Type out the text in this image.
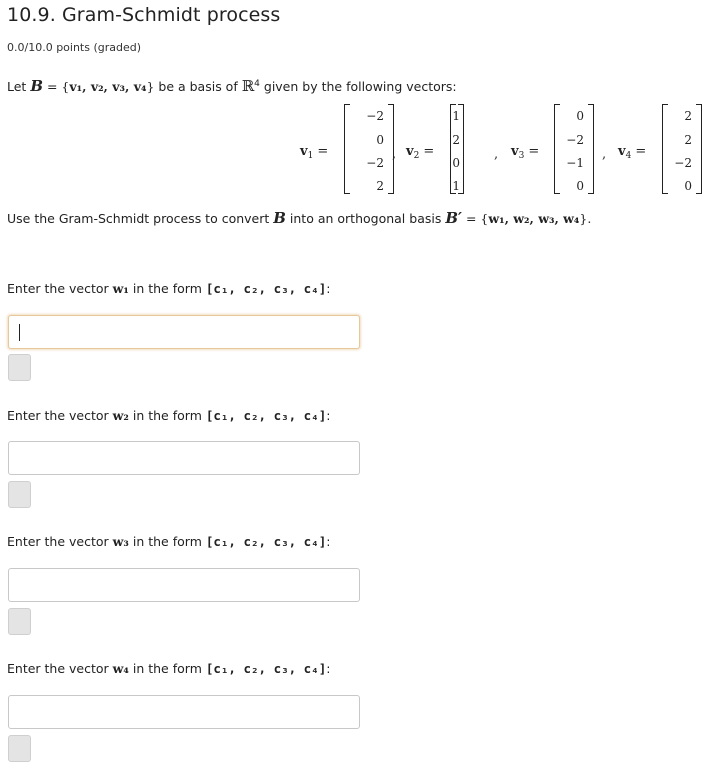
10.9. Gram-Schmidt process
0.0/10.0 points (graded)
Let B = {v₁, v₂, v₃, v₄} be a basis of ℝ$^4$ given by the following vectors:
$v_1$ =
−2
0
−2
2
, $v_2$ =
1
2
0
1
, $v_3$ =
0
−2
−1
0
, $v_4$ =
2
2
−2
0
Use the Gram-Schmidt process to convert B into an orthogonal basis B′ = {w₁, w₂, w₃, w₄}.
Enter the vector w₁ in the form [c₁, c₂, c₃, c₄]:
Enter the vector w₂ in the form [c₁, c₂, c₃, c₄]:
Enter the vector w₃ in the form [c₁, c₂, c₃, c₄]:
Enter the vector w₄ in the form [c₁, c₂, c₃, c₄]:
